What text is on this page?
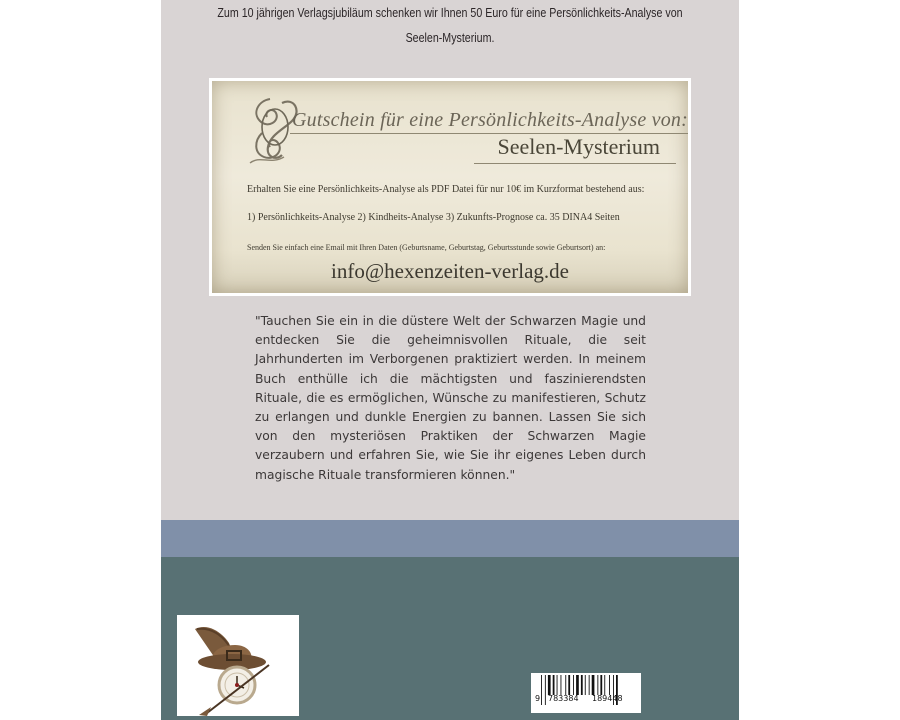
Zum 10 jährigen Verlagsjubiläum schenken wir Ihnen 50 Euro für eine Persönlichkeits-Analyse von Seelen-Mysterium.
Gutschein für eine Persönlichkeits-Analyse von:
Seelen-Mysterium
Erhalten Sie eine Persönlichkeits-Analyse als PDF Datei für nur 10€ im Kurzformat bestehend aus:
1) Persönlichkeits-Analyse 2) Kindheits-Analyse 3) Zukunfts-Prognose ca. 35 DINA4 Seiten
Senden Sie einfach eine Email mit Ihren Daten (Geburtsname, Geburtstag, Geburtsstunde sowie Geburtsort) an:
info@hexenzeiten-verlag.de
"Tauchen Sie ein in die düstere Welt der Schwarzen Magie und entdecken Sie die geheimnisvollen Rituale, die seit Jahrhunderten im Verborgenen praktiziert werden. In meinem Buch enthülle ich die mächtigsten und faszinierendsten Rituale, die es ermöglichen, Wünsche zu manifestieren, Schutz zu erlangen und dunkle Energien zu bannen. Lassen Sie sich von den mysteriösen Praktiken der Schwarzen Magie verzaubern und erfahren Sie, wie Sie ihr eigenes Leben durch magische Rituale transformieren können."
9 783384 189448
